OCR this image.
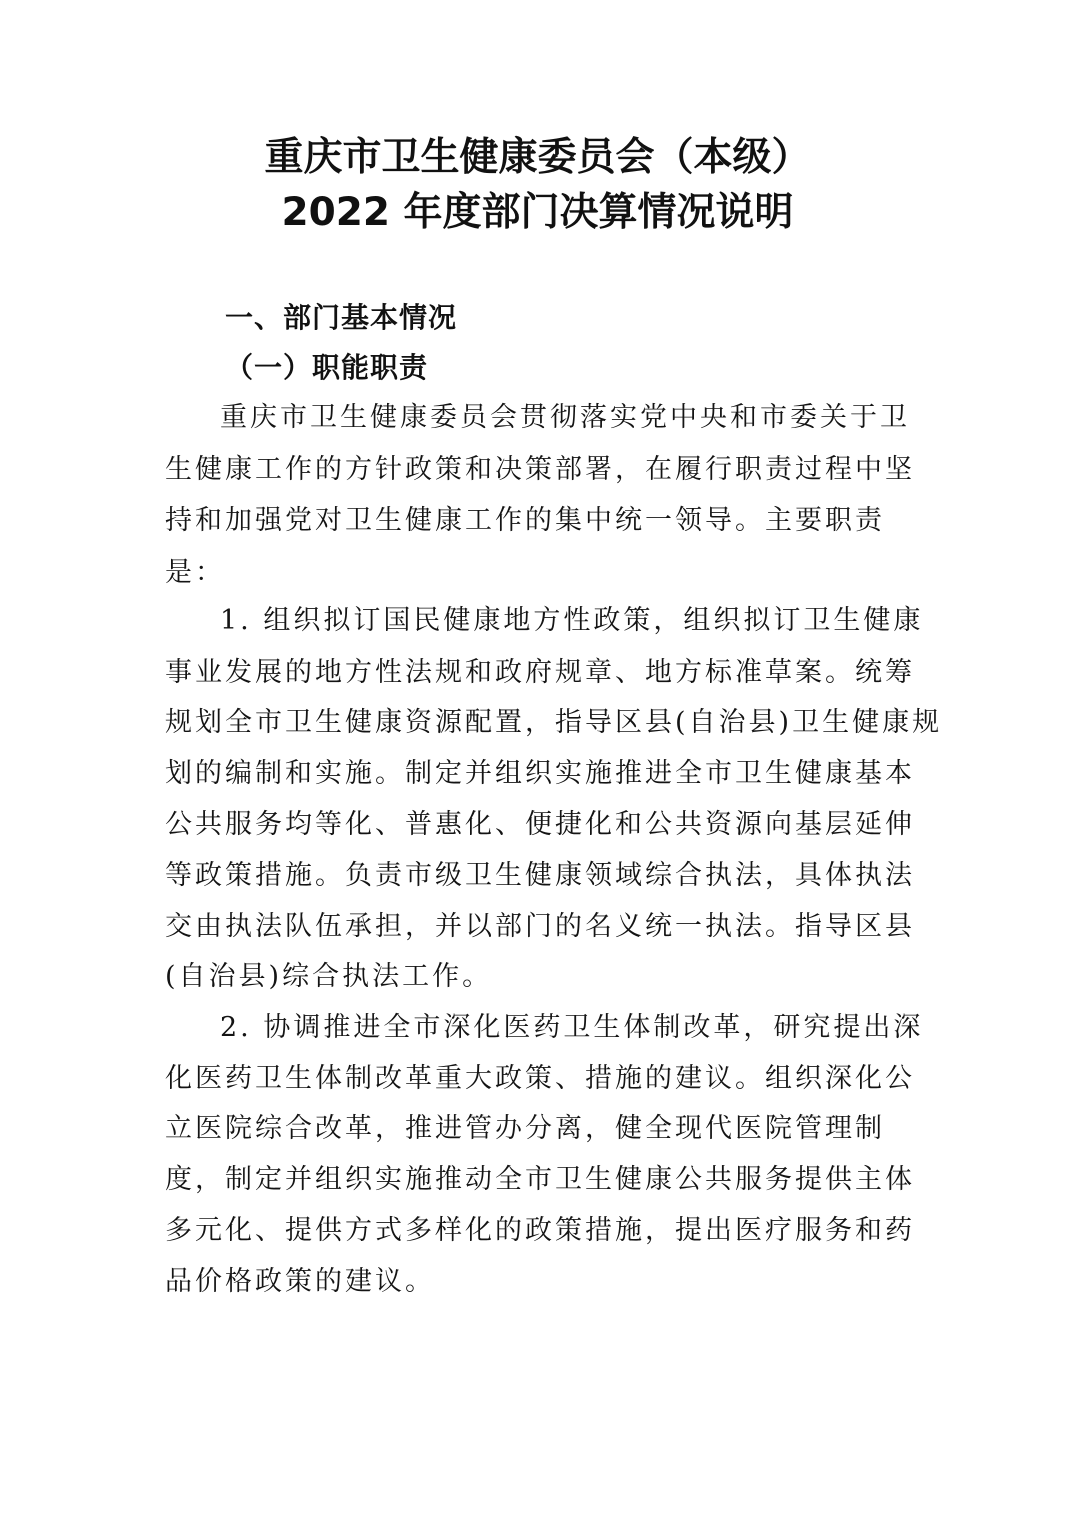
重庆市卫生健康委员会（本级）
2022 年度部门决算情况说明
一、部门基本情况
（一）职能职责
重庆市卫生健康委员会贯彻落实党中央和市委关于卫
生健康工作的方针政策和决策部署，在履行职责过程中坚
持和加强党对卫生健康工作的集中统一领导。主要职责
是：
1. 组织拟订国民健康地方性政策，组织拟订卫生健康
事业发展的地方性法规和政府规章、地方标准草案。统筹
规划全市卫生健康资源配置，指导区县(自治县)卫生健康规
划的编制和实施。制定并组织实施推进全市卫生健康基本
公共服务均等化、普惠化、便捷化和公共资源向基层延伸
等政策措施。负责市级卫生健康领域综合执法，具体执法
交由执法队伍承担，并以部门的名义统一执法。指导区县
(自治县)综合执法工作。
2. 协调推进全市深化医药卫生体制改革，研究提出深
化医药卫生体制改革重大政策、措施的建议。组织深化公
立医院综合改革，推进管办分离，健全现代医院管理制
度，制定并组织实施推动全市卫生健康公共服务提供主体
多元化、提供方式多样化的政策措施，提出医疗服务和药
品价格政策的建议。
